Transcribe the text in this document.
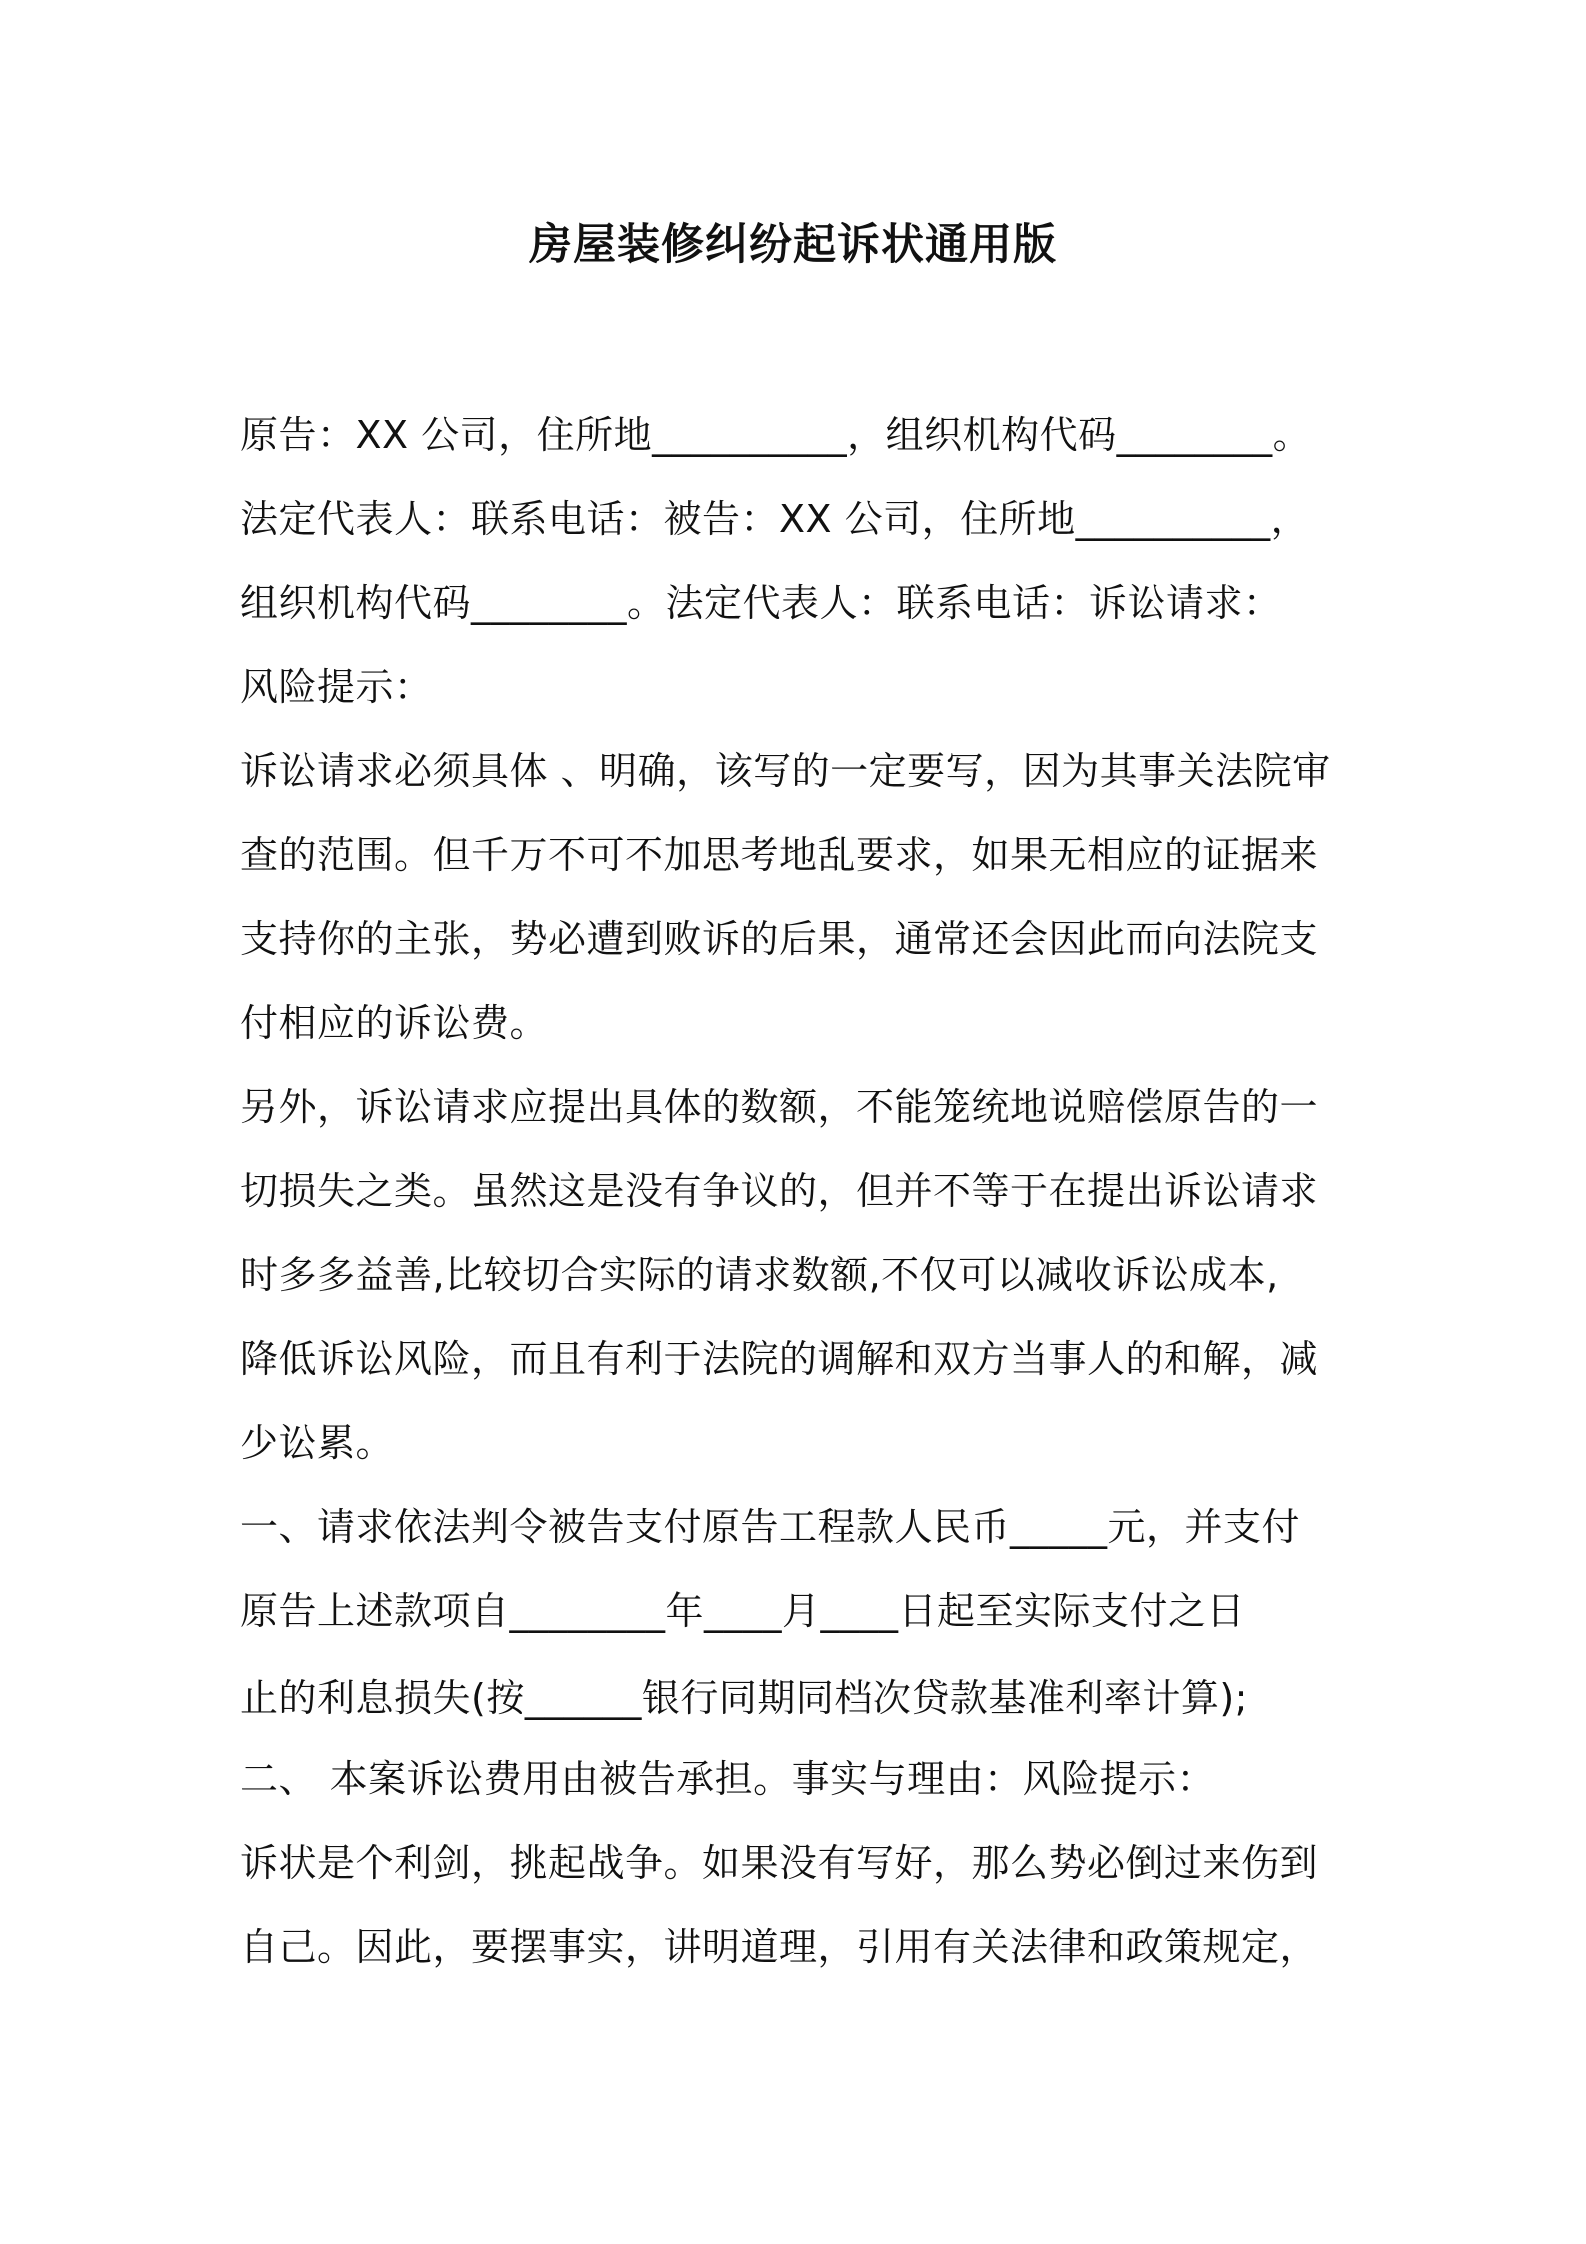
房屋装修纠纷起诉状通用版
原告：XX 公司，住所地__________，组织机构代码________。
法定代表人：联系电话：被告：XX 公司，住所地__________，
组织机构代码________。法定代表人：联系电话：诉讼请求：
风险提示：
诉讼请求必须具体 、明确，该写的一定要写，因为其事关法院审
查的范围。但千万不可不加思考地乱要求，如果无相应的证据来
支持你的主张，势必遭到败诉的后果，通常还会因此而向法院支
付相应的诉讼费。
另外，诉讼请求应提出具体的数额，不能笼统地说赔偿原告的一
切损失之类。虽然这是没有争议的，但并不等于在提出诉讼请求
时多多益善,比较切合实际的请求数额,不仅可以减收诉讼成本,
降低诉讼风险，而且有利于法院的调解和双方当事人的和解，减
少讼累。
一、请求依法判令被告支付原告工程款人民币_____元，并支付
原告上述款项自________年____月____日起至实际支付之日
止的利息损失(按______银行同期同档次贷款基准利率计算);
二、 本案诉讼费用由被告承担。事实与理由：风险提示：
诉状是个利剑，挑起战争。如果没有写好，那么势必倒过来伤到
自己。因此，要摆事实，讲明道理，引用有关法律和政策规定，
